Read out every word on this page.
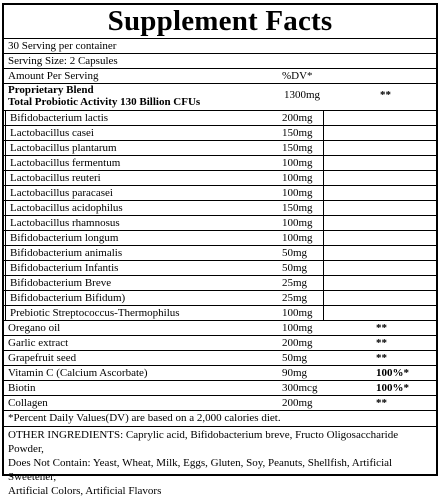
Supplement Facts
30 Serving per container
Serving Size: 2 Capsules
Amount Per Serving	%DV*
Proprietary Blend
Total Probiotic Activity 130 Billion CFUs
1300mg	**
Bifidobacterium lactis	200mg
Lactobacillus casei	150mg
Lactobacillus plantarum	150mg
Lactobacillus fermentum	100mg
Lactobacillus reuteri	100mg
Lactobacillus paracasei	100mg
Lactobacillus acidophilus	150mg
Lactobacillus rhamnosus	100mg
Bifidobacterium longum	100mg
Bifidobacterium animalis	50mg
Bifidobacterium Infantis	50mg
Bifidobacterium Breve	25mg
Bifidobacterium Bifidum)	25mg
Prebiotic Streptococcus-Thermophilus	100mg
Oregano oil	100mg	**
Garlic extract	200mg	**
Grapefruit seed	50mg	**
Vitamin C (Calcium Ascorbate)	90mg	100%*
Biotin	300mcg	100%*
Collagen	200mg	**
*Percent Daily Values(DV) are based on a 2,000 calories diet.
OTHER INGREDIENTS: Caprylic acid, Bifidobacterium breve, Fructo Oligosaccharide Powder,
Does Not Contain: Yeast, Wheat, Milk, Eggs, Gluten, Soy, Peanuts, Shellfish, Artificial Sweetener,
Artificial Colors, Artificial Flavors
